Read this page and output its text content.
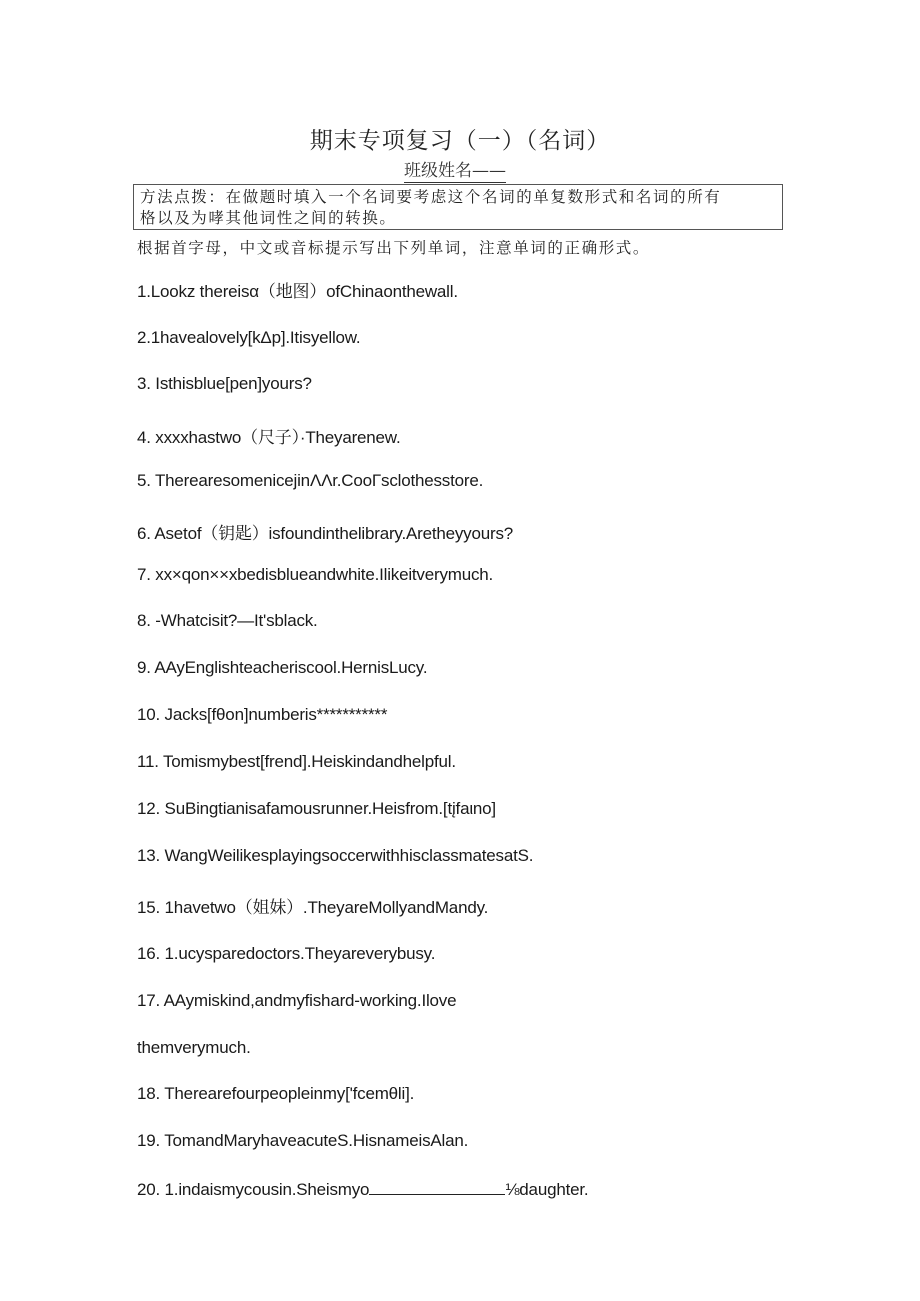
期末专项复习（一）（名词）
班级姓名——
方法点拨：在做题时填入一个名词要考虑这个名词的单复数形式和名词的所有
格以及为哮其他词性之间的转换。
根据首字母，中文或音标提示写出下列单词，注意单词的正确形式。
1.Lookz thereisα（地图）ofChinaonthewall.
2.1havealovely[kΔp].Itisyellow.
3. Isthisblue[pen]yours?
4. xxxxhastwo（尺子）·Theyarenew.
5. TherearesomenicejinΛΛr.CooΓsclothesstore.
6. Asetof（钥匙）isfoundinthelibrary.Aretheyyours?
7. xx×qon××xbedisblueandwhite.Ilikeitverymuch.
8. -Whatcisit?—It'sblack.
9. AAyEnglishteacheriscool.HernisLucy.
10. Jacks[fθon]numberis***********
11. Tomismybest[frend].Heiskindandhelpful.
12. SuBingtianisafamousrunner.Heisfrom.[tįfaιno]
13. WangWeilikesplayingsoccerwithhisclassmatesatS.
15. 1havetwo（姐妹）.TheyareMollyandMandy.
16. 1.ucysparedoctors.Theyareverybusy.
17. AAymiskind,andmyfishard-working.Ilove
themverymuch.
18. Therearefourpeopleinmy['fcemθli].
19. TomandMaryhaveacuteS.HisnameisAlan.
20. 1.indaismycousin.Sheismyo	⅛daughter.
